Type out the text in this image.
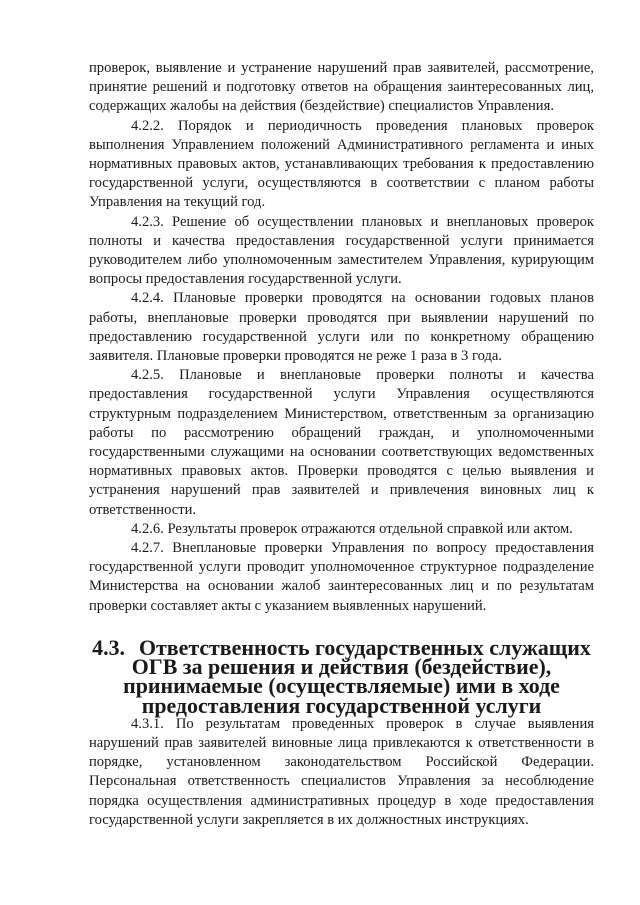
проверок, выявление и устранение нарушений прав заявителей, рассмотрение, принятие решений и подготовку ответов на обращения заинтересованных лиц, содержащих жалобы на действия (бездействие) специалистов Управления.

4.2.2. Порядок и периодичность проведения плановых проверок выполнения Управлением положений Административного регламента и иных нормативных правовых актов, устанавливающих требования к предоставлению государственной услуги, осуществляются в соответствии с планом работы Управления на текущий год.

4.2.3. Решение об осуществлении плановых и внеплановых проверок полноты и качества предоставления государственной услуги принимается руководителем либо уполномоченным заместителем Управления, курирующим вопросы предоставления государственной услуги.

4.2.4. Плановые проверки проводятся на основании годовых планов работы, внеплановые проверки проводятся при выявлении нарушений по предоставлению государственной услуги или по конкретному обращению заявителя. Плановые проверки проводятся не реже 1 раза в 3 года.

4.2.5. Плановые и внеплановые проверки полноты и качества предоставления государственной услуги Управления осуществляются структурным подразделением Министерством, ответственным за организацию работы по рассмотрению обращений граждан, и уполномоченными государственными служащими на основании соответствующих ведомственных нормативных правовых актов. Проверки проводятся с целью выявления и устранения нарушений прав заявителей и привлечения виновных лиц к ответственности.

4.2.6. Результаты проверок отражаются отдельной справкой или актом.

4.2.7. Внеплановые проверки Управления по вопросу предоставления государственной услуги проводит уполномоченное структурное подразделение Министерства на основании жалоб заинтересованных лиц и по результатам проверки составляет акты с указанием выявленных нарушений.

4.3. Ответственность государственных служащих ОГВ за решения и действия (бездействие), принимаемые (осуществляемые) ими в ходе предоставления государственной услуги

4.3.1. По результатам проведенных проверок в случае выявления нарушений прав заявителей виновные лица привлекаются к ответственности в порядке, установленном законодательством Российской Федерации. Персональная ответственность специалистов Управления за несоблюдение порядка осуществления административных процедур в ходе предоставления государственной услуги закрепляется в их должностных инструкциях.
